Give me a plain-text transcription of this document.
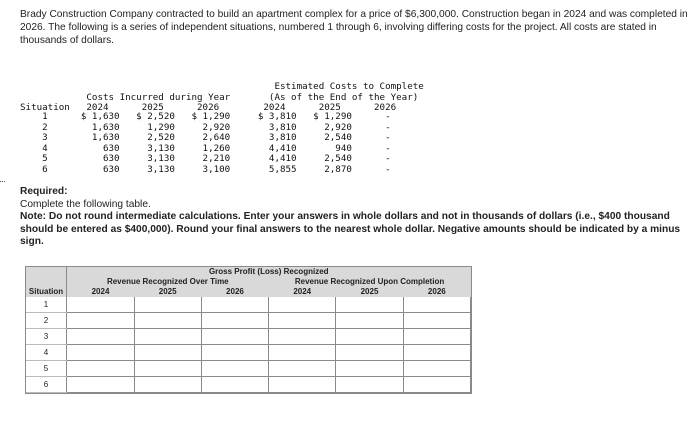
Brady Construction Company contracted to build an apartment complex for a price of $6,300,000. Construction began in 2024 and was completed in 2026. The following is a series of independent situations, numbered 1 through 6, involving differing costs for the project. All costs are stated in thousands of dollars.
Estimated Costs to Complete
Costs Incurred during Year       (As of the End of the Year)
Situation   2024      2025      2026        2024      2025      2026
1      $ 1,630   $ 2,520   $ 1,290     $ 3,810   $ 1,290      -
2        1,630     1,290     2,920       3,810     2,920      -
3        1,630     2,520     2,640       3,810     2,540      -
4          630     3,130     1,260       4,410       940      -
5          630     3,130     2,210       4,410     2,540      -
6          630     3,130     3,100       5,855     2,870      -
Required:
Complete the following table.
Note: Do not round intermediate calculations. Enter your answers in whole dollars and not in thousands of dollars (i.e., $400 thousand should be entered as $400,000). Round your final answers to the nearest whole dollar. Negative amounts should be indicated by a minus sign.
	Gross Profit (Loss) Recognized					
	Revenue Recognized Over Time			Revenue Recognized Upon Completion		
Situation	2024	2025	2026	2024	2025	2026
1						
2						
3						
4						
5						
6						
